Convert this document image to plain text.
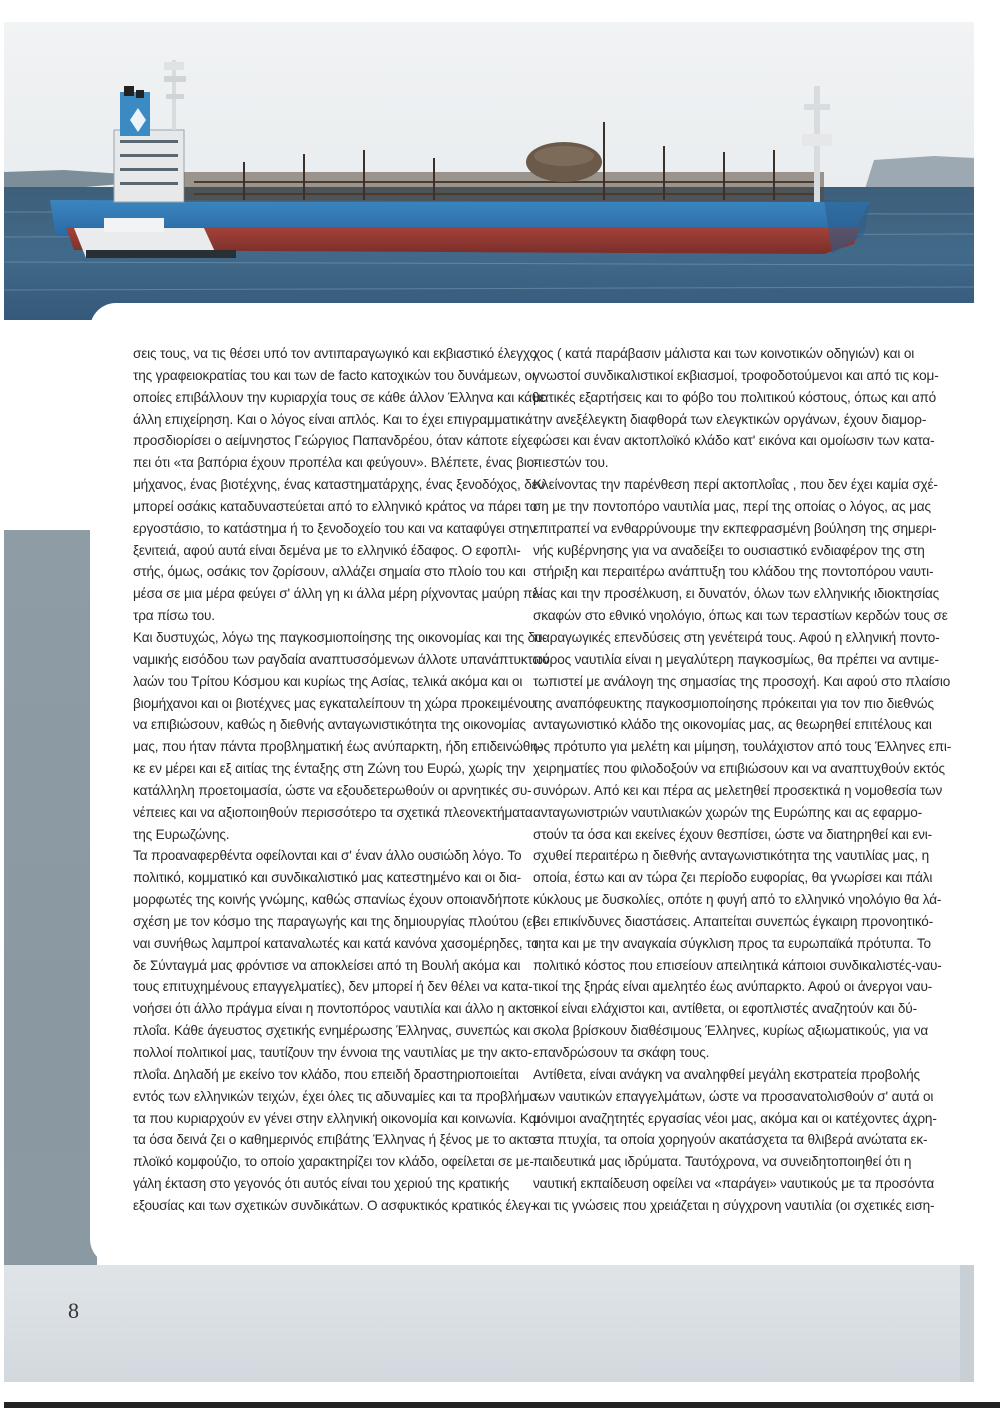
σεις τους, να τις θέσει υπό τον αντιπαραγωγικό και εκβιαστικό έλεγχο
της γραφειοκρατίας του και των de facto κατοχικών του δυνάμεων, οι
οποίες επιβάλλουν την κυριαρχία τους σε κάθε άλλον Έλληνα και κάθε
άλλη επιχείρηση. Και ο λόγος είναι απλός. Και το έχει επιγραμματικά
προσδιορίσει ο αείμνηστος Γεώργιος Παπανδρέου, όταν κάποτε είχε
πει ότι «τα βαπόρια έχουν προπέλα και φεύγουν». Βλέπετε, ένας βιο-
μήχανος, ένας βιοτέχνης, ένας καταστηματάρχης, ένας ξενοδόχος, δεν
μπορεί οσάκις καταδυναστεύεται από το ελληνικό κράτος να πάρει το
εργοστάσιο, το κατάστημα ή το ξενοδοχείο του και να καταφύγει στην
ξενιτειά, αφού αυτά είναι δεμένα με το ελληνικό έδαφος. Ο εφοπλι-
στής, όμως, οσάκις τον ζορίσουν, αλλάζει σημαία στο πλοίο του και
μέσα σε μια μέρα φεύγει σ' άλλη γη κι άλλα μέρη ρίχνοντας μαύρη πέ-
τρα πίσω του.
Και δυστυχώς, λόγω της παγκοσμιοποίησης της οικονομίας και της δυ-
ναμικής εισόδου των ραγδαία αναπτυσσόμενων άλλοτε υπανάπτυκτων
λαών του Τρίτου Κόσμου και κυρίως της Ασίας, τελικά ακόμα και οι
βιομήχανοι και οι βιοτέχνες μας εγκαταλείπουν τη χώρα προκειμένου
να επιβιώσουν, καθώς η διεθνής ανταγωνιστικότητα της οικονομίας
μας, που ήταν πάντα προβληματική έως ανύπαρκτη, ήδη επιδεινώθη-
κε εν μέρει και εξ αιτίας της ένταξης στη Ζώνη του Ευρώ, χωρίς την
κατάλληλη προετοιμασία, ώστε να εξουδετερωθούν οι αρνητικές συ-
νέπειες και να αξιοποιηθούν περισσότερο τα σχετικά πλεονεκτήματα
της Ευρωζώνης.
Τα προαναφερθέντα οφείλονται και σ' έναν άλλο ουσιώδη λόγο. Το
πολιτικό, κομματικό και συνδικαλιστικό μας κατεστημένο και οι δια-
μορφωτές της κοινής γνώμης, καθώς σπανίως έχουν οποιανδήποτε
σχέση με τον κόσμο της παραγωγής και της δημιουργίας πλούτου (εί-
ναι συνήθως λαμπροί καταναλωτές και κατά κανόνα χασομέρηδες, το
δε Σύνταγμά μας φρόντισε να αποκλείσει από τη Βουλή ακόμα και
τους επιτυχημένους επαγγελματίες), δεν μπορεί ή δεν θέλει να κατα-
νοήσει ότι άλλο πράγμα είναι η ποντοπόρος ναυτιλία και άλλο η ακτο-
πλοΐα. Κάθε άγευστος σχετικής ενημέρωσης Έλληνας, συνεπώς και
πολλοί πολιτικοί μας, ταυτίζουν την έννοια της ναυτιλίας με την ακτο-
πλοΐα. Δηλαδή με εκείνο τον κλάδο, που επειδή δραστηριοποιείται
εντός των ελληνικών τειχών, έχει όλες τις αδυναμίες και τα προβλήμα-
τα που κυριαρχούν εν γένει στην ελληνική οικονομία και κοινωνία. Και
τα όσα δεινά ζει ο καθημερινός επιβάτης Έλληνας ή ξένος με το ακτο-
πλοϊκό κομφούζιο, το οποίο χαρακτηρίζει τον κλάδο, οφείλεται σε με-
γάλη έκταση στο γεγονός ότι αυτός είναι του χεριού της κρατικής
εξουσίας και των σχετικών συνδικάτων. Ο ασφυκτικός κρατικός έλεγ-
χος ( κατά παράβασιν μάλιστα και των κοινοτικών οδηγιών) και οι
γνωστοί συνδικαλιστικοί εκβιασμοί, τροφοδοτούμενοι και από τις κομ-
ματικές εξαρτήσεις και το φόβο του πολιτικού κόστους, όπως και από
την ανεξέλεγκτη διαφθορά των ελεγκτικών οργάνων, έχουν διαμορ-
φώσει και έναν ακτοπλοϊκό κλάδο κατ' εικόνα και ομοίωσιν των κατα-
πιεστών του.
Κλείνοντας την παρένθεση περί ακτοπλοΐας , που δεν έχει καμία σχέ-
ση με την ποντοπόρο ναυτιλία μας, περί της οποίας ο λόγος, ας μας
επιτραπεί να ενθαρρύνουμε την εκπεφρασμένη βούληση της σημερι-
νής κυβέρνησης για να αναδείξει το ουσιαστικό ενδιαφέρον της στη
στήριξη και περαιτέρω ανάπτυξη του κλάδου της ποντοπόρου ναυτι-
λίας και την προσέλκυση, ει δυνατόν, όλων των ελληνικής ιδιοκτησίας
σκαφών στο εθνικό νηολόγιο, όπως και των τεραστίων κερδών τους σε
παραγωγικές επενδύσεις στη γενέτειρά τους. Αφού η ελληνική ποντο-
πόρος ναυτιλία είναι η μεγαλύτερη παγκοσμίως, θα πρέπει να αντιμε-
τωπιστεί με ανάλογη της σημασίας της προσοχή. Και αφού στο πλαίσιο
της αναπόφευκτης παγκοσμιοποίησης πρόκειται για τον πιο διεθνώς
ανταγωνιστικό κλάδο της οικονομίας μας, ας θεωρηθεί επιτέλους και
ως πρότυπο για μελέτη και μίμηση, τουλάχιστον από τους Έλληνες επι-
χειρηματίες που φιλοδοξούν να επιβιώσουν και να αναπτυχθούν εκτός
συνόρων. Από κει και πέρα ας μελετηθεί προσεκτικά η νομοθεσία των
ανταγωνιστριών ναυτιλιακών χωρών της Ευρώπης και ας εφαρμο-
στούν τα όσα και εκείνες έχουν θεσπίσει, ώστε να διατηρηθεί και ενι-
σχυθεί περαιτέρω η διεθνής ανταγωνιστικότητα της ναυτιλίας μας, η
οποία, έστω και αν τώρα ζει περίοδο ευφορίας, θα γνωρίσει και πάλι
κύκλους με δυσκολίες, οπότε η φυγή από το ελληνικό νηολόγιο θα λά-
βει επικίνδυνες διαστάσεις. Απαιτείται συνεπώς έγκαιρη προνοητικό-
τητα και με την αναγκαία σύγκλιση προς τα ευρωπαϊκά πρότυπα. Το
πολιτικό κόστος που επισείουν απειλητικά κάποιοι συνδικαλιστές-ναυ-
τικοί της ξηράς είναι αμελητέο έως ανύπαρκτο. Αφού οι άνεργοι ναυ-
τικοί είναι ελάχιστοι και, αντίθετα, οι εφοπλιστές αναζητούν και δύ-
σκολα βρίσκουν διαθέσιμους Έλληνες, κυρίως αξιωματικούς, για να
επανδρώσουν τα σκάφη τους.
Αντίθετα, είναι ανάγκη να αναληφθεί μεγάλη εκστρατεία προβολής
των ναυτικών επαγγελμάτων, ώστε να προσανατολισθούν σ' αυτά οι
μόνιμοι αναζητητές εργασίας νέοι μας, ακόμα και οι κατέχοντες άχρη-
στα πτυχία, τα οποία χορηγούν ακατάσχετα τα θλιβερά ανώτατα εκ-
παιδευτικά μας ιδρύματα. Ταυτόχρονα, να συνειδητοποιηθεί ότι η
ναυτική εκπαίδευση οφείλει να «παράγει» ναυτικούς με τα προσόντα
και τις γνώσεις που χρειάζεται η σύγχρονη ναυτιλία (οι σχετικές ειση-
8
